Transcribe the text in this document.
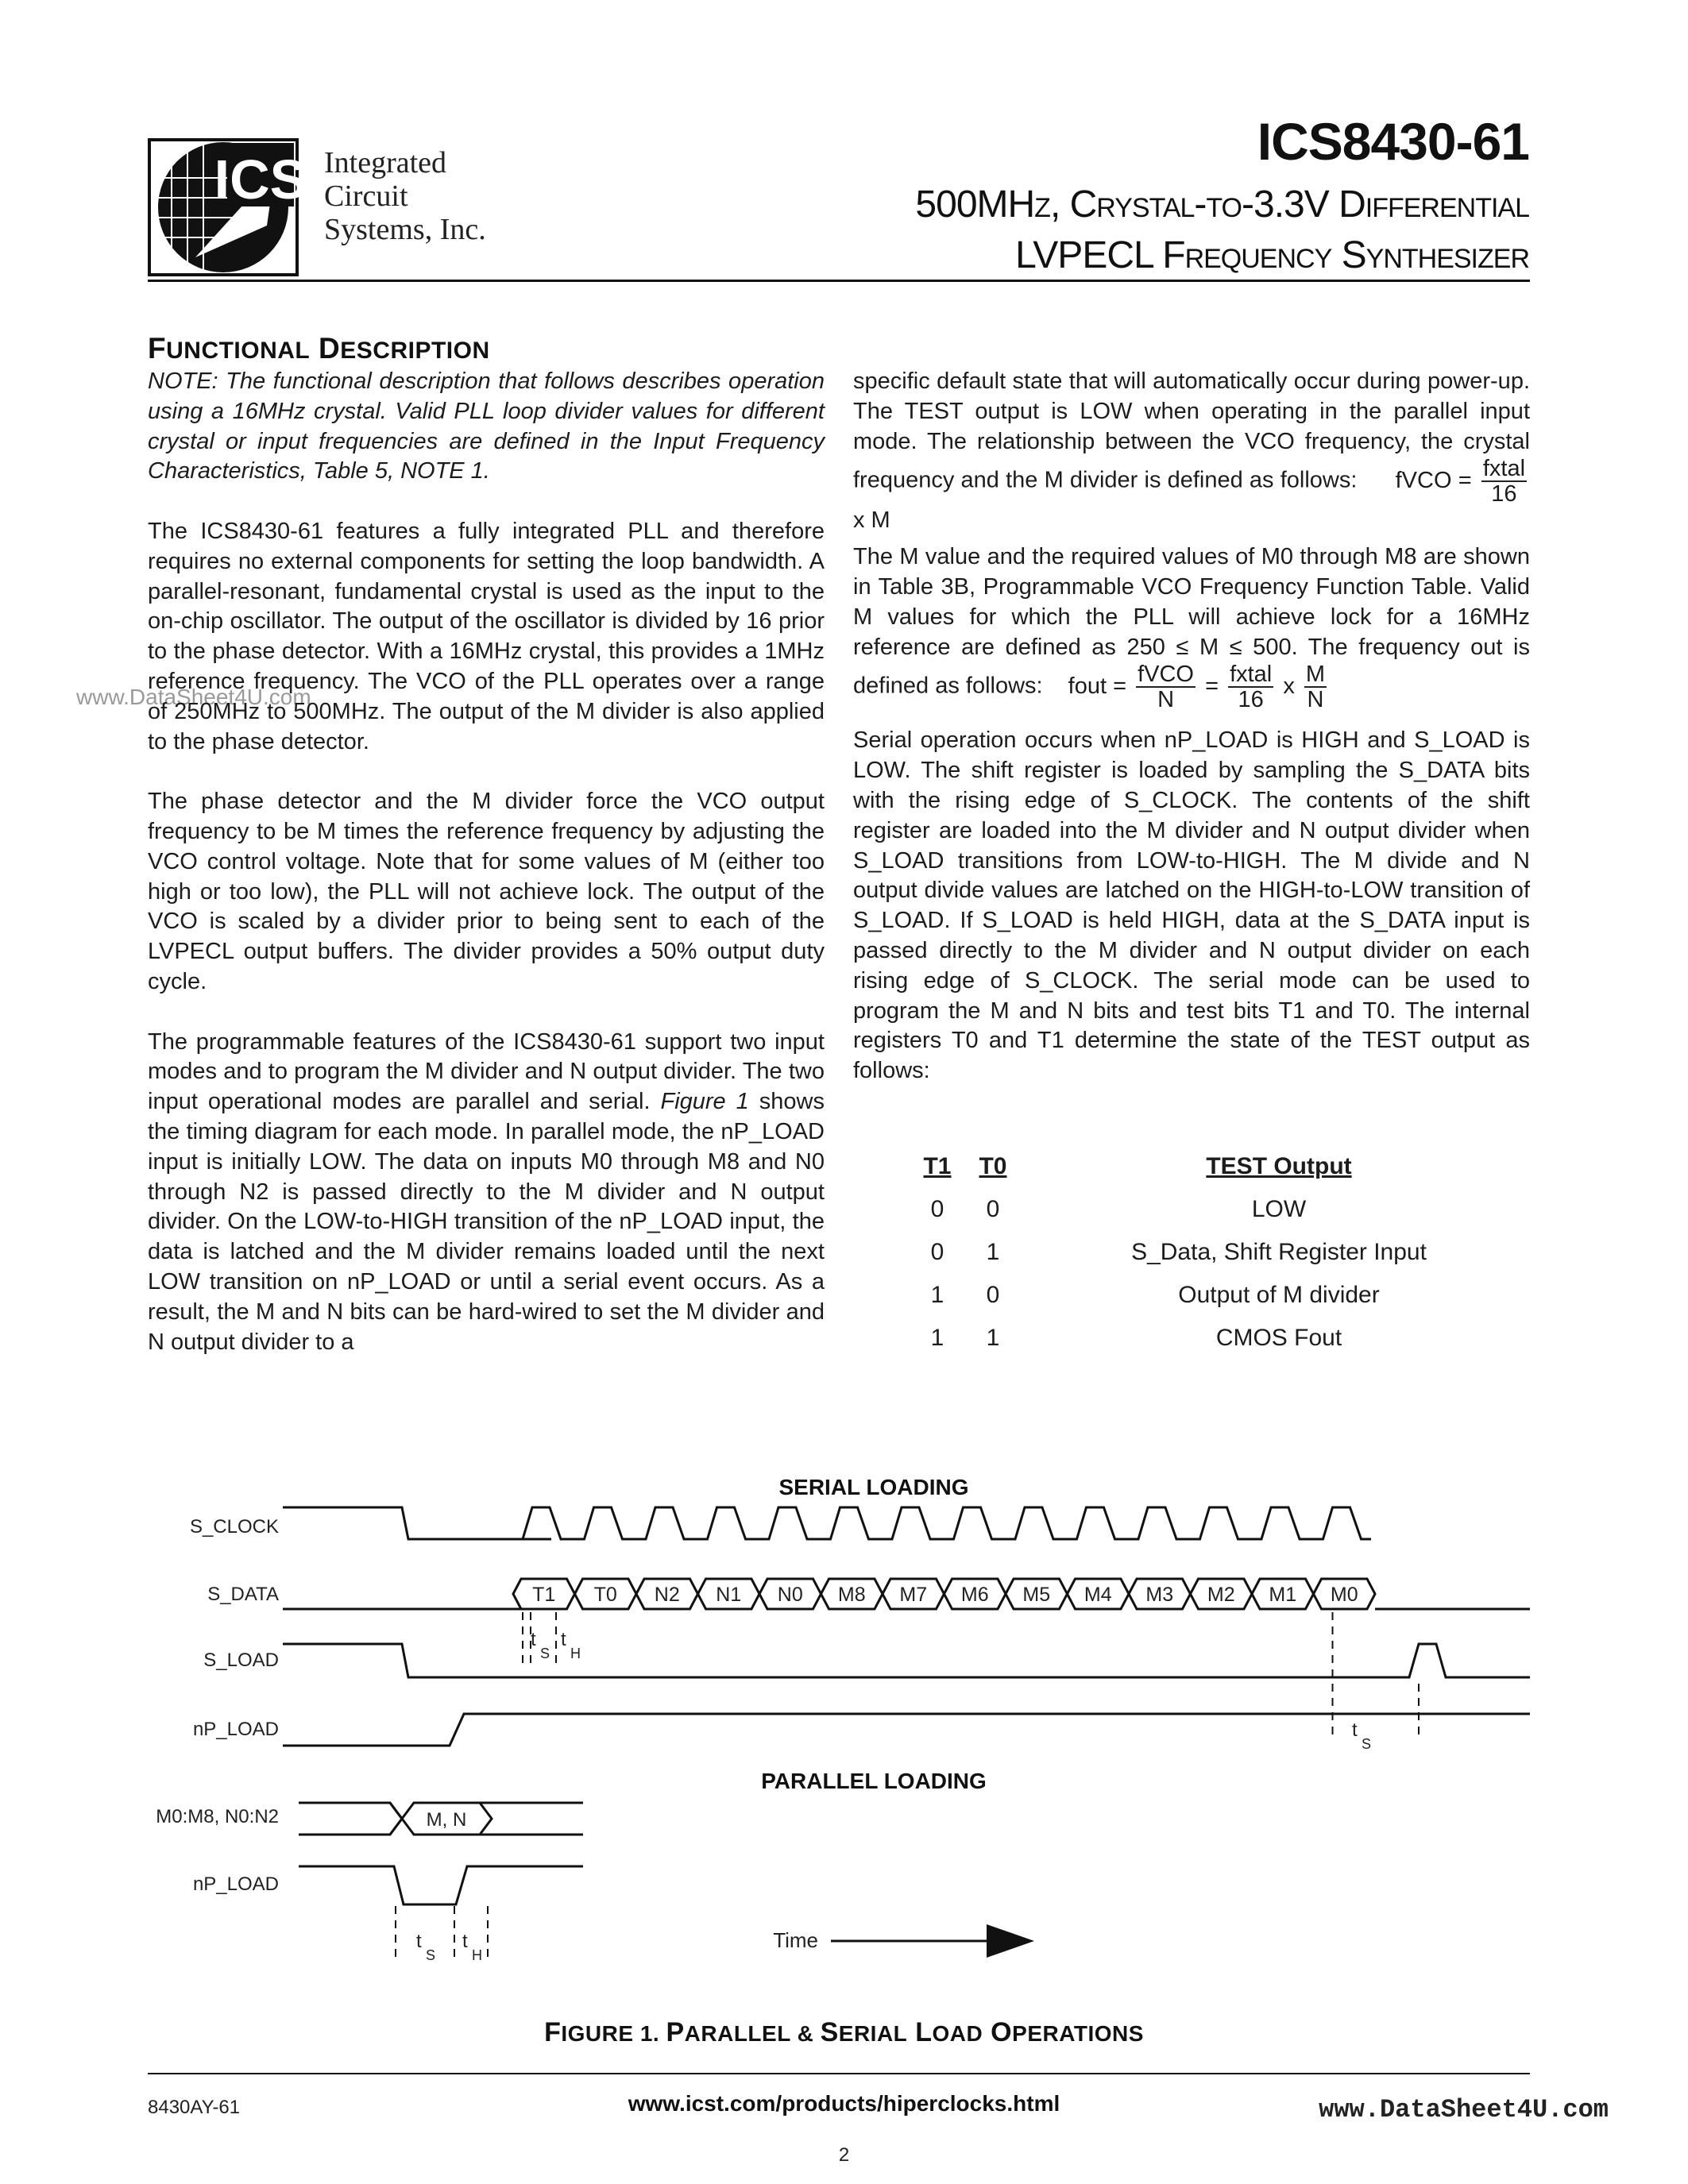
ICS Integrated
Circuit
Systems, Inc.
ICS8430-61
500MHZ, CRYSTAL-TO-3.3V DIFFERENTIAL
LVPECL FREQUENCY SYNTHESIZER
www.DataSheet4U.com
FUNCTIONAL DESCRIPTION

NOTE: The functional description that follows describes operation using a 16MHz crystal. Valid PLL loop divider values for different crystal or input frequencies are defined in the Input Frequency Characteristics, Table 5, NOTE 1.

The ICS8430-61 features a fully integrated PLL and therefore requires no external components for setting the loop bandwidth. A parallel-resonant, fundamental crystal is used as the input to the on-chip oscillator. The output of the oscillator is divided by 16 prior to the phase detector. With a 16MHz crystal, this provides a 1MHz reference frequency. The VCO of the PLL operates over a range of 250MHz to 500MHz. The output of the M divider is also applied to the phase detector.

The phase detector and the M divider force the VCO output frequency to be M times the reference frequency by adjusting the VCO control voltage. Note that for some values of M (either too high or too low), the PLL will not achieve lock. The output of the VCO is scaled by a divider prior to being sent to each of the LVPECL output buffers. The divider provides a 50% output duty cycle.

The programmable features of the ICS8430-61 support two input modes and to program the M divider and N output divider. The two input operational modes are parallel and serial. Figure 1 shows the timing diagram for each mode. In parallel mode, the nP_LOAD input is initially LOW. The data on inputs M0 through M8 and N0 through N2 is passed directly to the M divider and N output divider. On the LOW-to-HIGH transition of the nP_LOAD input, the data is latched and the M divider remains loaded until the next LOW transition on nP_LOAD or until a serial event occurs. As a result, the M and N bits can be hard-wired to set the M divider and N output divider to a

specific default state that will automatically occur during power-up. The TEST output is LOW when operating in the parallel input mode. The relationship between the VCO frequency, the crystal frequency and the M divider is defined as follows: fVCO = $\frac{\text{fxtal}}{16}$
x M

The M value and the required values of M0 through M8 are shown in Table 3B, Programmable VCO Frequency Function Table. Valid M values for which the PLL will achieve lock for a 16MHz reference are defined as 250 ≤ M ≤ 500. The frequency out is defined as follows: fout = $\frac{\text{fVCO}}{N} = \frac{\text{fxtal}}{16}$ x $\frac{M}{N}$

Serial operation occurs when nP_LOAD is HIGH and S_LOAD is LOW. The shift register is loaded by sampling the S_DATA bits with the rising edge of S_CLOCK. The contents of the shift register are loaded into the M divider and N output divider when S_LOAD transitions from LOW-to-HIGH. The M divide and N output divide values are latched on the HIGH-to-LOW transition of S_LOAD. If S_LOAD is held HIGH, data at the S_DATA input is passed directly to the M divider and N output divider on each rising edge of S_CLOCK. The serial mode can be used to program the M and N bits and test bits T1 and T0. The internal registers T0 and T1 determine the state of the TEST output as follows:

T1	T0	TEST Output
0	0	LOW
0	1	S_Data, Shift Register Input
1	0	Output of M divider
1	1	CMOS Fout
SERIAL LOADING
PARALLEL LOADING
S_CLOCK
S_DATA
S_LOAD
nP_LOAD
M0:M8, N0:N2
nP_LOAD
T1 T0 N2 N1 N0 M8 M7 M6 M5 M4 M3 M2 M1 M0
t
S
t
H
t
S
M, N
t
S
t
H
Time
FIGURE 1. PARALLEL & SERIAL LOAD OPERATIONS
8430AY-61	www.icst.com/products/hiperclocks.html	www.DataSheet4U.com
2
